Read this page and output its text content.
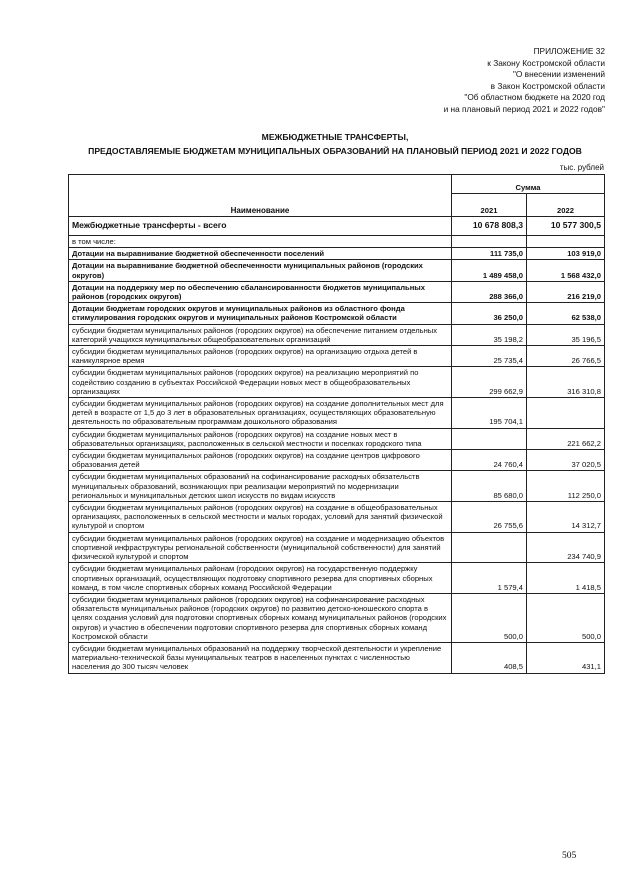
ПРИЛОЖЕНИЕ 32
к Закону Костромской области
"О внесении изменений
в Закон Костромской области
"Об областном бюджете на 2020 год
и на плановый период 2021 и 2022 годов"
МЕЖБЮДЖЕТНЫЕ ТРАНСФЕРТЫ,
ПРЕДОСТАВЛЯЕМЫЕ БЮДЖЕТАМ МУНИЦИПАЛЬНЫХ ОБРАЗОВАНИЙ НА ПЛАНОВЫЙ ПЕРИОД 2021 И 2022 ГОДОВ
тыс. рублей
Наименование	Сумма	
	2021	2022
Межбюджетные трансферты - всего	10 678 808,3	10 577 300,5
в том числе:		
Дотации на выравнивание бюджетной обеспеченности поселений	111 735,0	103 919,0
Дотации на выравнивание бюджетной обеспеченности муниципальных районов (городских округов)	1 489 458,0	1 568 432,0
Дотации на поддержку мер по обеспечению сбалансированности бюджетов муниципальных районов (городских округов)	288 366,0	216 219,0
Дотации бюджетам городских округов и муниципальных районов из областного фонда стимулирования городских округов и муниципальных районов Костромской области	36 250,0	62 538,0
субсидии бюджетам муниципальных районов (городских округов) на обеспечение питанием отдельных категорий учащихся муниципальных общеобразовательных организаций	35 198,2	35 196,5
субсидии бюджетам муниципальных районов (городских округов) на организацию отдыха детей в каникулярное время	25 735,4	26 766,5
субсидии бюджетам муниципальных районов (городских округов) на реализацию мероприятий по содействию созданию в субъектах Российской Федерации новых мест в общеобразовательных организациях	299 662,9	316 310,8
субсидии бюджетам муниципальных районов (городских округов) на создание дополнительных мест для детей в возрасте от 1,5 до 3 лет в образовательных организациях, осуществляющих образовательную деятельность по образовательным программам дошкольного образования	195 704,1	
субсидии бюджетам муниципальных районов (городских округов) на создание новых мест в образовательных организациях, расположенных в сельской местности и поселках городского типа		221 662,2
субсидии бюджетам муниципальных районов (городских округов) на создание центров цифрового образования детей	24 760,4	37 020,5
субсидии бюджетам муниципальных образований на софинансирование расходных обязательств муниципальных образований, возникающих при реализации мероприятий по модернизации региональных и муниципальных детских школ искусств по видам искусств	85 680,0	112 250,0
субсидии бюджетам муниципальных районов (городских округов) на создание в общеобразовательных организациях, расположенных в сельской местности и малых городах, условий для занятий физической культурой и спортом	26 755,6	14 312,7
субсидии бюджетам муниципальных районов (городских округов) на создание и модернизацию объектов спортивной инфраструктуры региональной собственности (муниципальной собственности) для занятий физической культурой и спортом		234 740,9
субсидии бюджетам муниципальных районам (городских округов) на государственную поддержку спортивных организаций, осуществляющих подготовку спортивного резерва для спортивных сборных команд, в том числе спортивных сборных команд Российской Федерации	1 579,4	1 418,5
субсидии бюджетам муниципальных районов (городских округов) на софинансирование расходных обязательств муниципальных районов (городских округов) по развитию детско-юношеского спорта в целях создания условий для подготовки спортивных сборных команд муниципальных районов (городских округов) и участию в обеспечении подготовки спортивного резерва для спортивных сборных команд Костромской области	500,0	500,0
субсидии бюджетам муниципальных образований на поддержку творческой деятельности и укрепление материально-технической базы муниципальных театров в населенных пунктах с численностью населения до 300 тысяч человек	408,5	431,1
505
